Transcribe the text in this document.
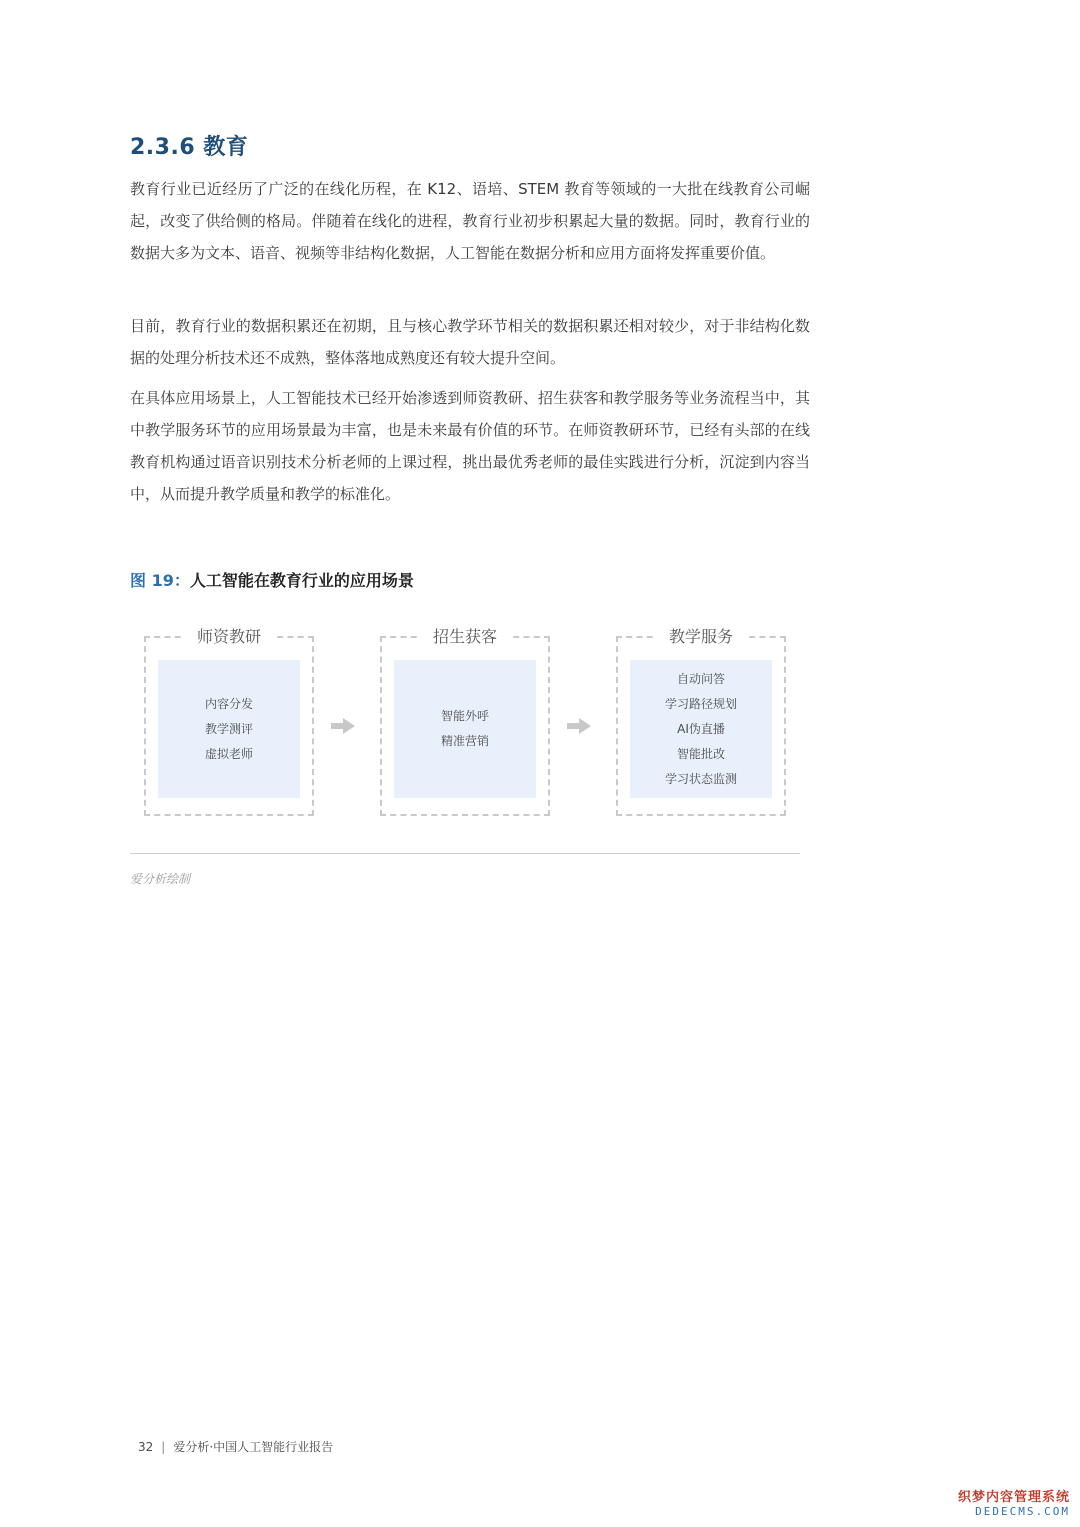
2.3.6 教育

教育行业已近经历了广泛的在线化历程，在 K12、语培、STEM 教育等领域的一大批在线教育公司崛起，改变了供给侧的格局。伴随着在线化的进程，教育行业初步积累起大量的数据。同时，教育行业的数据大多为文本、语音、视频等非结构化数据，人工智能在数据分析和应用方面将发挥重要价值。

目前，教育行业的数据积累还在初期，且与核心教学环节相关的数据积累还相对较少，对于非结构化数据的处理分析技术还不成熟，整体落地成熟度还有较大提升空间。

在具体应用场景上，人工智能技术已经开始渗透到师资教研、招生获客和教学服务等业务流程当中，其中教学服务环节的应用场景最为丰富，也是未来最有价值的环节。在师资教研环节，已经有头部的在线教育机构通过语音识别技术分析老师的上课过程，挑出最优秀老师的最佳实践进行分析，沉淀到内容当中，从而提升教学质量和教学的标准化。

图 19：人工智能在教育行业的应用场景
师资教研
内容分发
教学测评
虚拟老师
招生获客
智能外呼
精准营销
教学服务
自动问答
学习路径规划
AI伪直播
智能批改
学习状态监测
爱分析绘制
32 | 爱分析·中国人工智能行业报告
织梦内容管理系统
DEDECMS.COM
